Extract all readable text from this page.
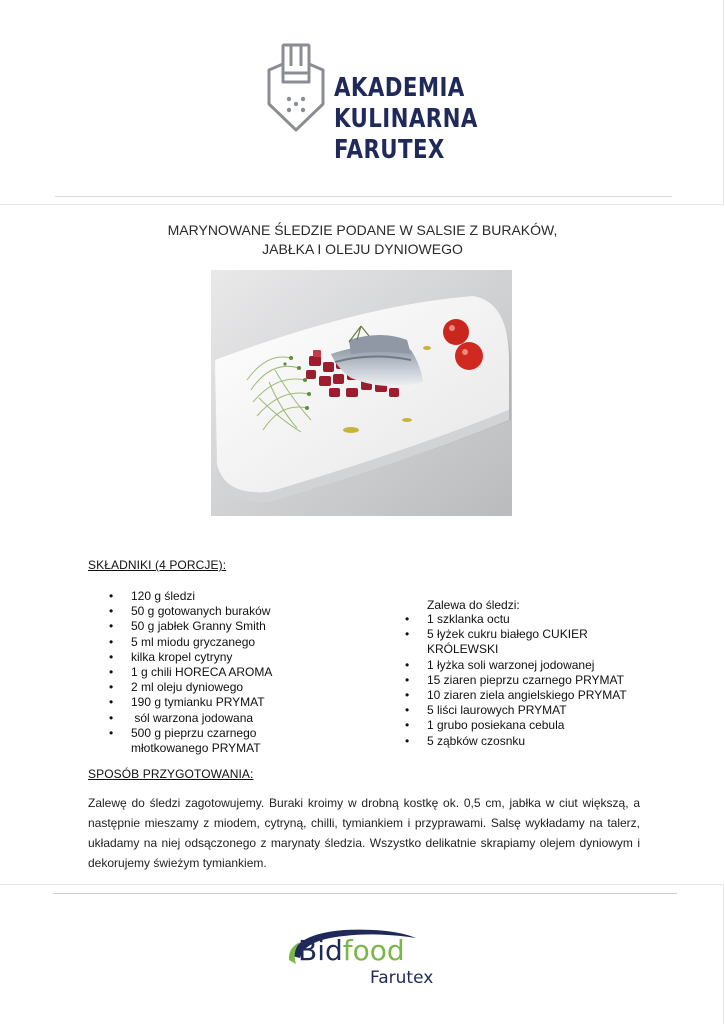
AKADEMIA
KULINARNA
FARUTEX
MARYNOWANE ŚLEDZIE PODANE W SALSIE Z BURAKÓW,
JABŁKA I OLEJU DYNIOWEGO
SKŁADNIKI (4 PORCJE):
• 120 g śledzi
• 50 g gotowanych buraków
• 50 g jabłek Granny Smith
• 5 ml miodu gryczanego
• kilka kropel cytryny
• 1 g chili HORECA AROMA
• 2 ml oleju dyniowego
• 190 g tymianku PRYMAT
•  sól warzona jodowana
• 500 g pieprzu czarnego młotkowanego PRYMAT
Zalewa do śledzi:
• 1 szklanka octu
• 5 łyżek cukru białego CUKIER KRÓLEWSKI
• 1 łyżka soli warzonej jodowanej
• 15 ziaren pieprzu czarnego PRYMAT
• 10 ziaren ziela angielskiego PRYMAT
• 5 liści laurowych PRYMAT
• 1 grubo posiekana cebula
• 5 ząbków czosnku
SPOSÓB PRZYGOTOWANIA:
Zalewę do śledzi zagotowujemy. Buraki kroimy w drobną kostkę ok. 0,5 cm, jabłka w ciut większą, a następnie mieszamy z miodem, cytryną, chilli, tymiankiem i przyprawami. Salsę wykładamy na talerz, układamy na niej odsączonego z marynaty śledzia. Wszystko delikatnie skrapiamy olejem dyniowym i dekorujemy świeżym tymiankiem.
Bidfood
Farutex
